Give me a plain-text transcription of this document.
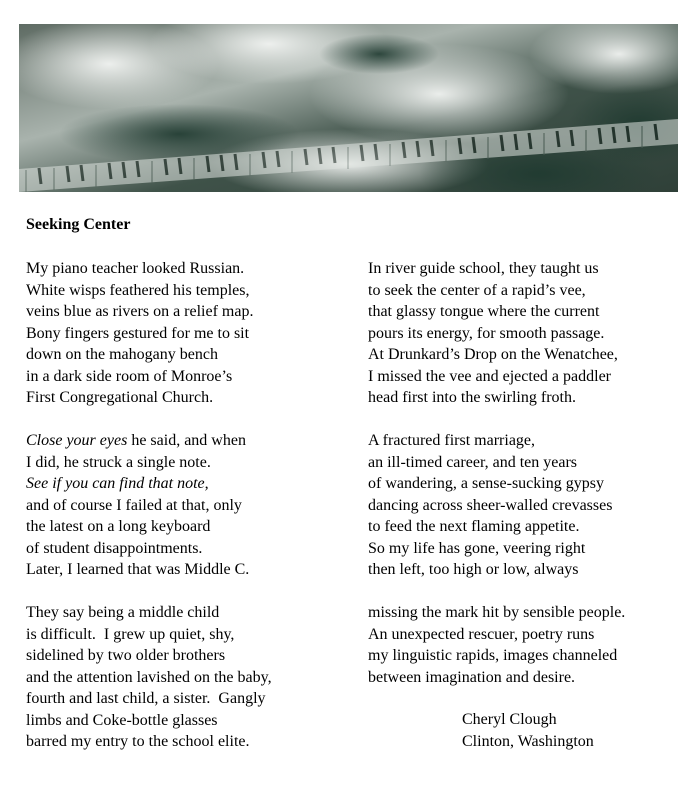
Seeking Center
My piano teacher looked Russian.
White wisps feathered his temples,
veins blue as rivers on a relief map.
Bony fingers gestured for me to sit
down on the mahogany bench
in a dark side room of Monroe’s
First Congregational Church.
Close your eyes he said, and when
I did, he struck a single note.
See if you can find that note,
and of course I failed at that, only
the latest on a long keyboard
of student disappointments.
Later, I learned that was Middle C.
They say being a middle child
is difficult.  I grew up quiet, shy,
sidelined by two older brothers
and the attention lavished on the baby,
fourth and last child, a sister.  Gangly
limbs and Coke-bottle glasses
barred my entry to the school elite.
In river guide school, they taught us
to seek the center of a rapid’s vee,
that glassy tongue where the current
pours its energy, for smooth passage.
At Drunkard’s Drop on the Wenatchee,
I missed the vee and ejected a paddler
head first into the swirling froth.
A fractured first marriage,
an ill-timed career, and ten years
of wandering, a sense-sucking gypsy
dancing across sheer-walled crevasses
to feed the next flaming appetite.
So my life has gone, veering right
then left, too high or low, always
missing the mark hit by sensible people.
An unexpected rescuer, poetry runs
my linguistic rapids, images channeled
between imagination and desire.
Cheryl Clough
Clinton, Washington
